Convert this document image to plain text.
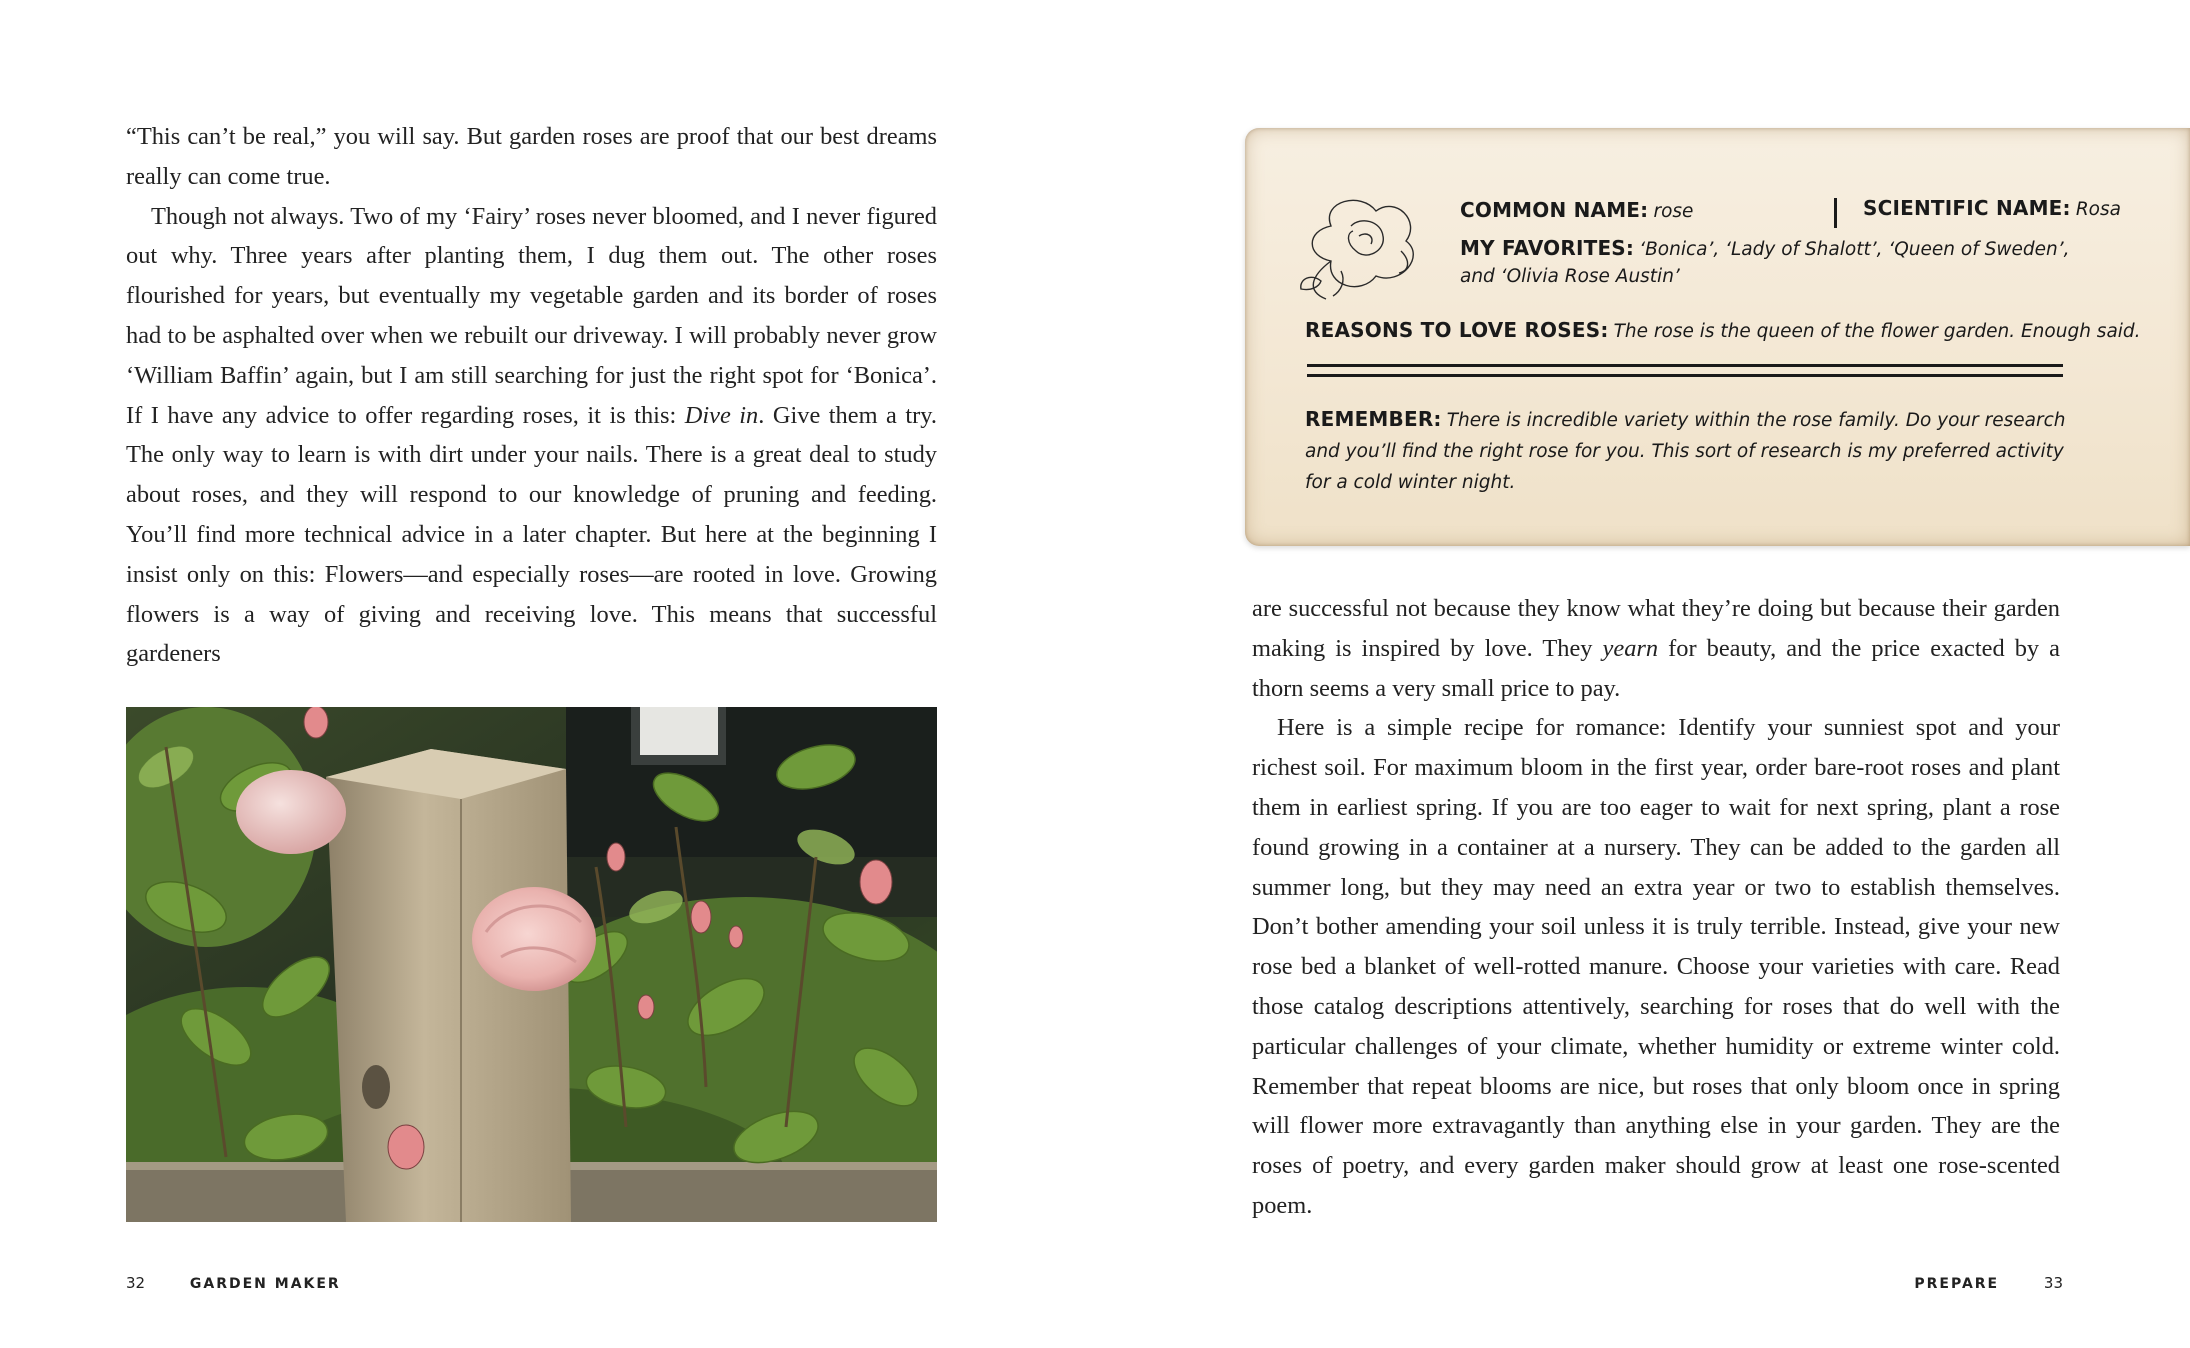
“This can’t be real,” you will say. But garden roses are proof that our best dreams really can come true.

Though not always. Two of my ‘Fairy’ roses never bloomed, and I never figured out why. Three years after planting them, I dug them out. The other roses flourished for years, but eventually my vegetable garden and its border of roses had to be asphalted over when we rebuilt our driveway. I will probably never grow ‘William Baffin’ again, but I am still searching for just the right spot for ‘Bonica’. If I have any advice to offer regarding roses, it is this: Dive in. Give them a try. The only way to learn is with dirt under your nails. There is a great deal to study about roses, and they will respond to our knowledge of pruning and feeding. You’ll find more technical advice in a later chapter. But here at the beginning I insist only on this: Flowers—and especially roses—are rooted in love. Growing flowers is a way of giving and receiving love. This means that successful gardeners

32	GARDEN MAKER
COMMON NAME: rose	SCIENTIFIC NAME: Rosa
MY FAVORITES: ‘Bonica’, ‘Lady of Shalott’, ‘Queen of Sweden’,
and ‘Olivia Rose Austin’
REASONS TO LOVE ROSES: The rose is the queen of the flower garden. Enough said.
REMEMBER: There is incredible variety within the rose family. Do your research and you’ll find the right rose for you. This sort of research is my preferred activity for a cold winter night.

are successful not because they know what they’re doing but because their garden making is inspired by love. They yearn for beauty, and the price exacted by a thorn seems a very small price to pay.

Here is a simple recipe for romance: Identify your sunniest spot and your richest soil. For maximum bloom in the first year, order bare-root roses and plant them in earliest spring. If you are too eager to wait for next spring, plant a rose found growing in a container at a nursery. They can be added to the garden all summer long, but they may need an extra year or two to establish themselves. Don’t bother amending your soil unless it is truly terrible. Instead, give your new rose bed a blanket of well-rotted manure. Choose your varieties with care. Read those catalog descriptions attentively, searching for roses that do well with the particular challenges of your climate, whether humidity or extreme winter cold. Remember that repeat blooms are nice, but roses that only bloom once in spring will flower more extravagantly than anything else in your garden. They are the roses of poetry, and every garden maker should grow at least one rose-scented poem.

PREPARE	33
